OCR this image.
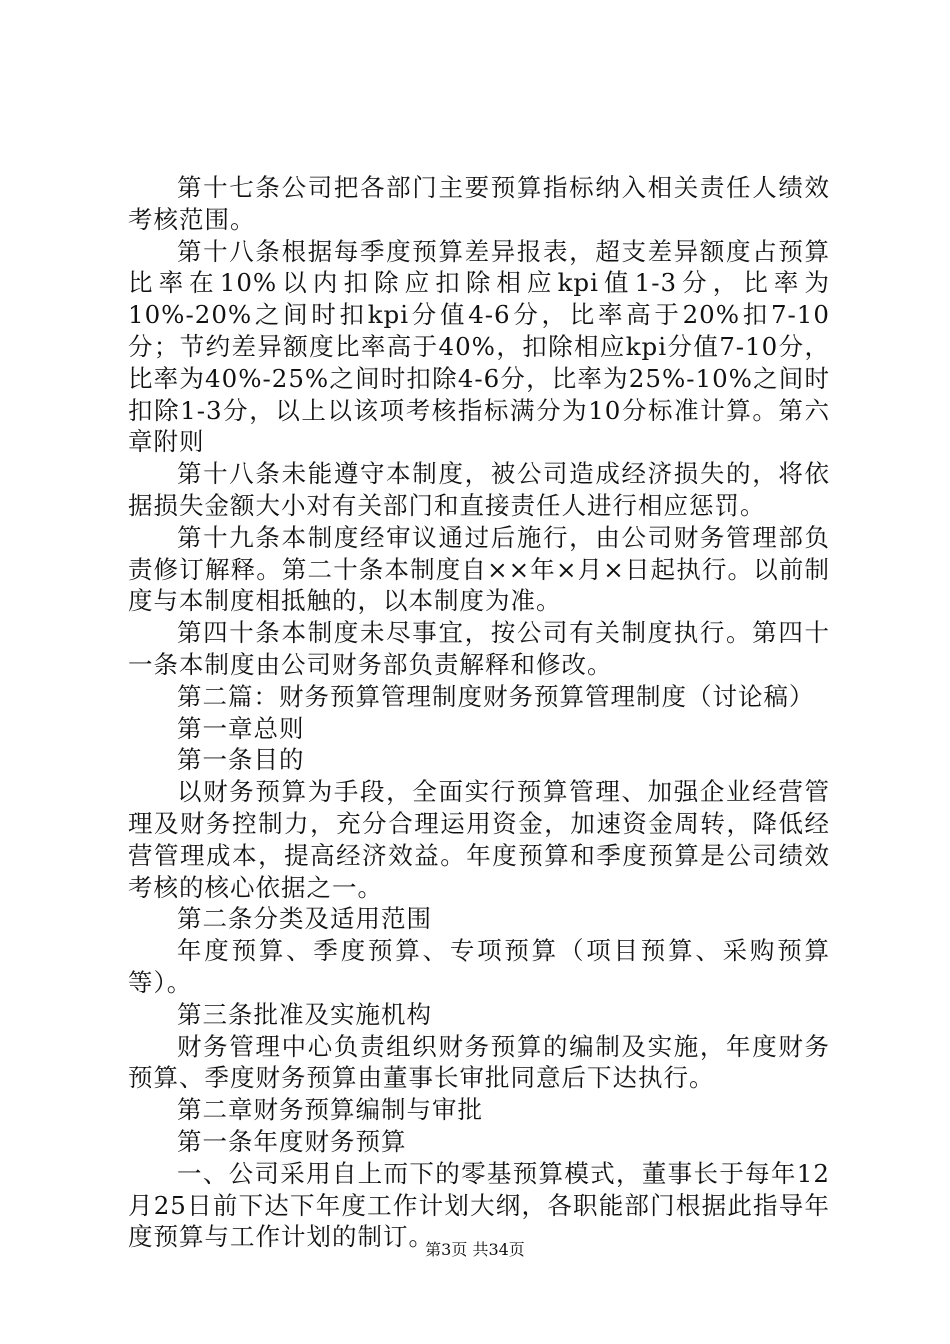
第十七条公司把各部门主要预算指标纳入相关责任人绩效考核范围。

第十八条根据每季度预算差异报表，超支差异额度占预算比率在10%以内扣除应扣除相应kpi值1-3分，比率为10%-20%之间时扣kpi分值4-6分，比率高于20%扣7-10分；节约差异额度比率高于40%，扣除相应kpi分值7-10分，比率为40%-25%之间时扣除4-6分，比率为25%-10%之间时扣除1-3分，以上以该项考核指标满分为10分标准计算。第六章附则

第十八条未能遵守本制度，被公司造成经济损失的，将依据损失金额大小对有关部门和直接责任人进行相应惩罚。

第十九条本制度经审议通过后施行，由公司财务管理部负责修订解释。第二十条本制度自××年×月×日起执行。以前制度与本制度相抵触的，以本制度为准。

第四十条本制度未尽事宜，按公司有关制度执行。第四十一条本制度由公司财务部负责解释和修改。

第二篇：财务预算管理制度财务预算管理制度（讨论稿）

第一章总则

第一条目的

以财务预算为手段，全面实行预算管理、加强企业经营管理及财务控制力，充分合理运用资金，加速资金周转，降低经营管理成本，提高经济效益。年度预算和季度预算是公司绩效考核的核心依据之一。

第二条分类及适用范围

年度预算、季度预算、专项预算（项目预算、采购预算等）。

第三条批准及实施机构

财务管理中心负责组织财务预算的编制及实施，年度财务预算、季度财务预算由董事长审批同意后下达执行。

第二章财务预算编制与审批

第一条年度财务预算

一、公司采用自上而下的零基预算模式，董事长于每年12月25日前下达下年度工作计划大纲，各职能部门根据此指导年度预算与工作计划的制订。

第3页 共34页
